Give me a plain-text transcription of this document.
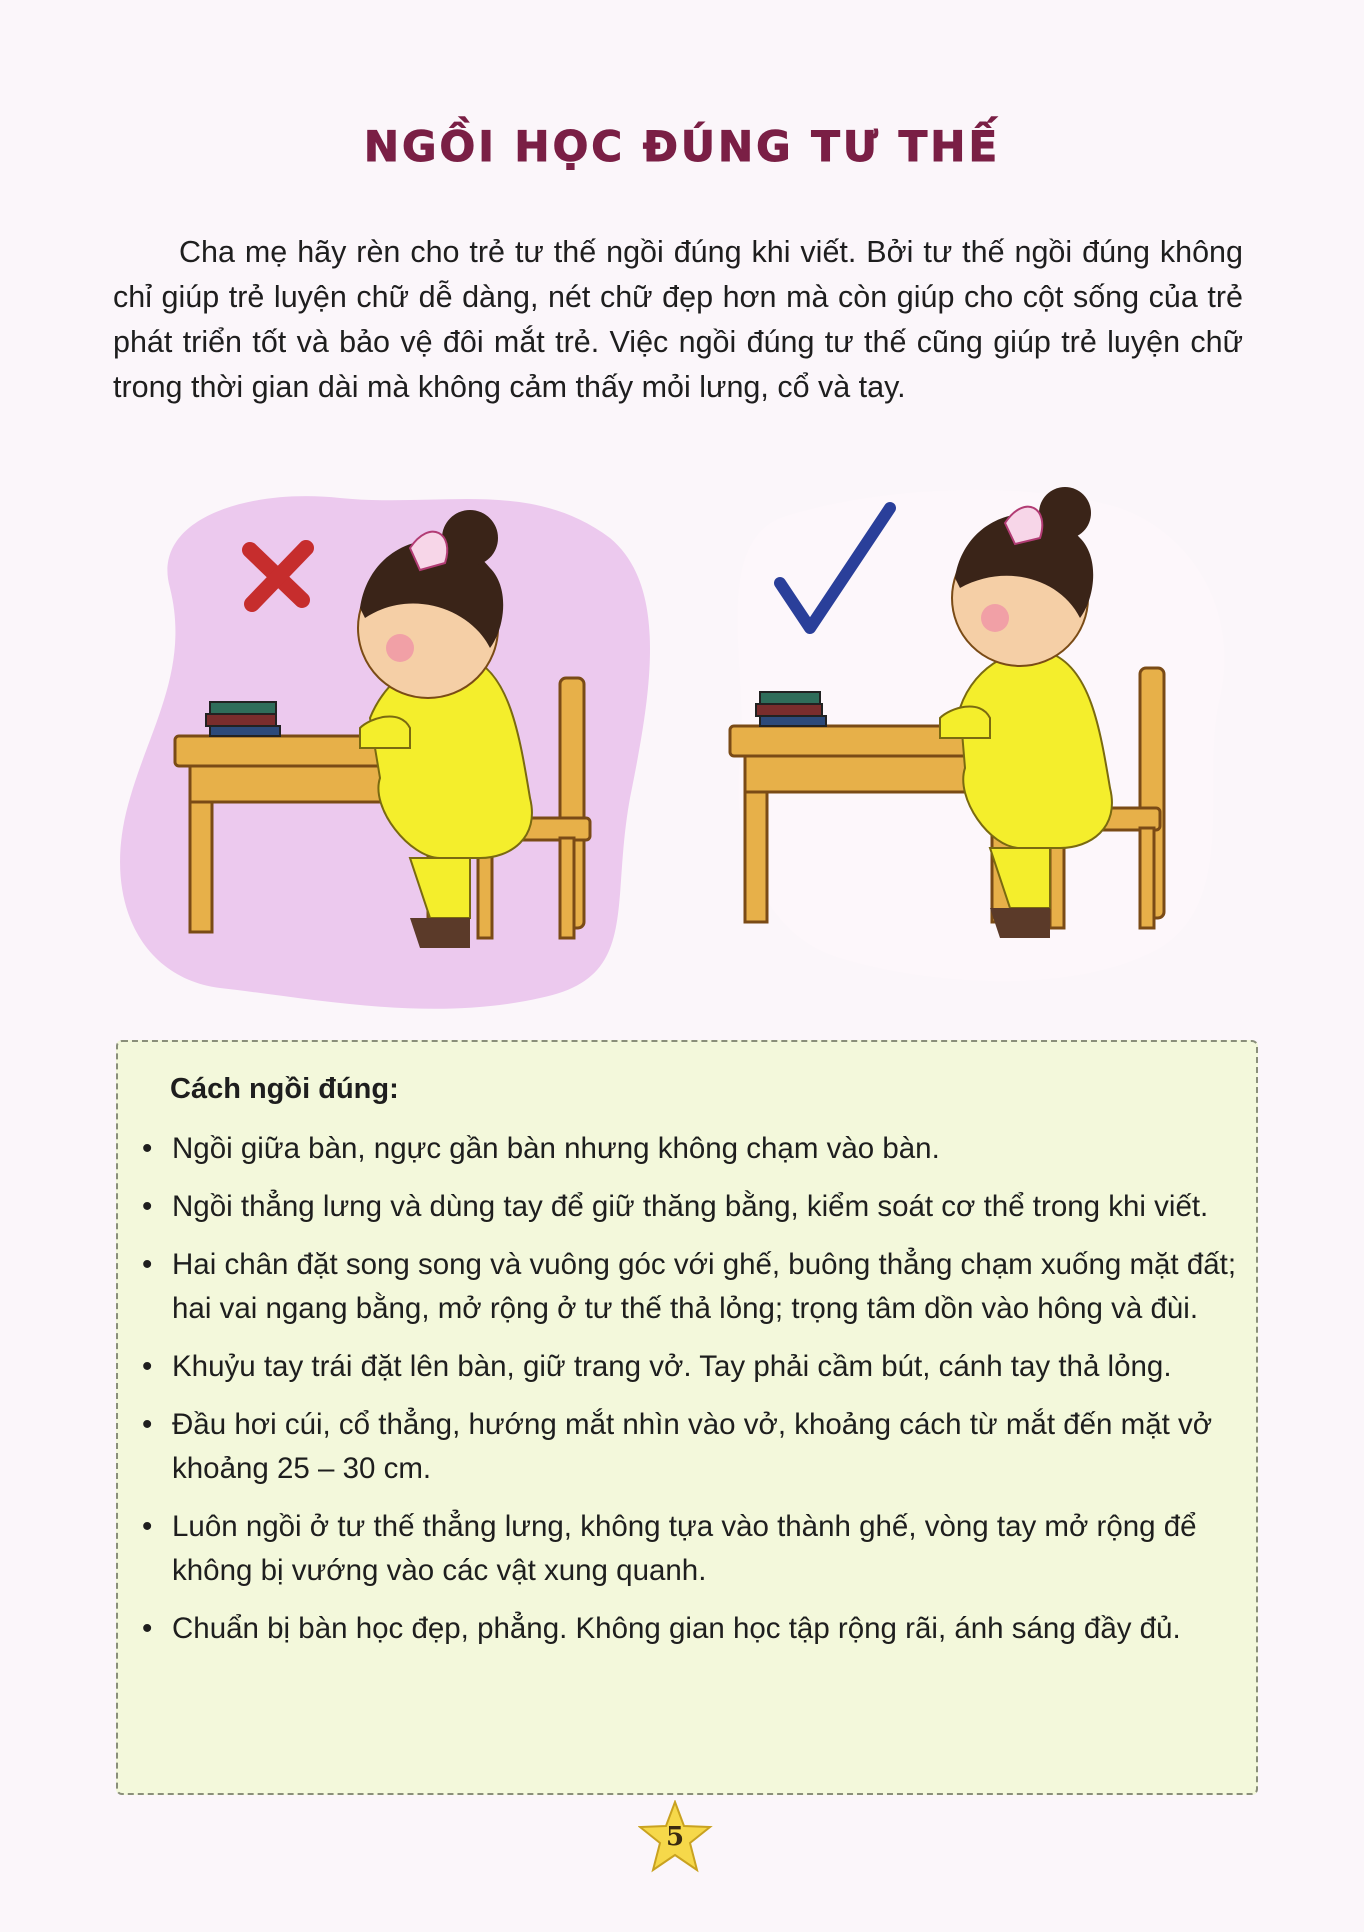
NGỒI HỌC ĐÚNG TƯ THẾ

Cha mẹ hãy rèn cho trẻ tư thế ngồi đúng khi viết. Bởi tư thế ngồi đúng không chỉ giúp trẻ luyện chữ dễ dàng, nét chữ đẹp hơn mà còn giúp cho cột sống của trẻ phát triển tốt và bảo vệ đôi mắt trẻ. Việc ngồi đúng tư thế cũng giúp trẻ luyện chữ trong thời gian dài mà không cảm thấy mỏi lưng, cổ và tay.

Cách ngồi đúng:
• Ngồi giữa bàn, ngực gần bàn nhưng không chạm vào bàn.
• Ngồi thẳng lưng và dùng tay để giữ thăng bằng, kiểm soát cơ thể trong khi viết.
• Hai chân đặt song song và vuông góc với ghế, buông thẳng chạm xuống mặt đất; hai vai ngang bằng, mở rộng ở tư thế thả lỏng; trọng tâm dồn vào hông và đùi.
• Khuỷu tay trái đặt lên bàn, giữ trang vở. Tay phải cầm bút, cánh tay thả lỏng.
• Đầu hơi cúi, cổ thẳng, hướng mắt nhìn vào vở, khoảng cách từ mắt đến mặt vở khoảng 25 – 30 cm.
• Luôn ngồi ở tư thế thẳng lưng, không tựa vào thành ghế, vòng tay mở rộng để không bị vướng vào các vật xung quanh.
• Chuẩn bị bàn học đẹp, phẳng. Không gian học tập rộng rãi, ánh sáng đầy đủ.
5
